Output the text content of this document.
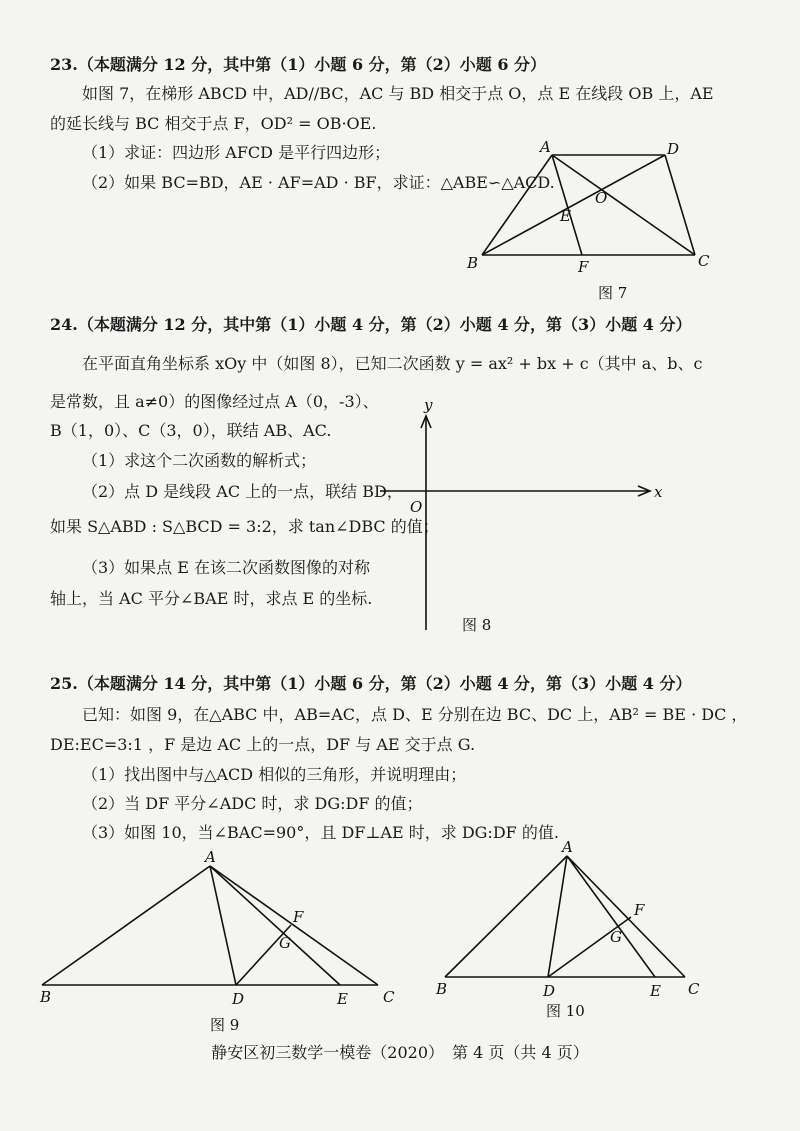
23.（本题满分 12 分，其中第（1）小题 6 分，第（2）小题 6 分）
如图 7，在梯形 ABCD 中，AD//BC，AC 与 BD 相交于点 O，点 E 在线段 OB 上，AE
的延长线与 BC 相交于点 F，OD² = OB·OE.
（1）求证：四边形 AFCD 是平行四边形；
（2）如果 BC=BD，AE · AF=AD · BF，求证：△ABE∽△ACD.
A	D
O
E
B	F	C
图 7
24.（本题满分 12 分，其中第（1）小题 4 分，第（2）小题 4 分，第（3）小题 4 分）
在平面直角坐标系 xOy 中（如图 8），已知二次函数 y = ax² + bx + c（其中 a、b、c
是常数，且 a≠0）的图像经过点 A（0，-3）、
B（1，0）、C（3，0），联结 AB、AC.
（1）求这个二次函数的解析式；
（2）点 D 是线段 AC 上的一点，联结 BD，
如果 S△ABD : S△BCD = 3:2，求 tan∠DBC 的值；
（3）如果点 E 在该二次函数图像的对称
轴上，当 AC 平分∠BAE 时，求点 E 的坐标.
y
x
O
图 8
25.（本题满分 14 分，其中第（1）小题 6 分，第（2）小题 4 分，第（3）小题 4 分）
已知：如图 9，在△ABC 中，AB=AC，点 D、E 分别在边 BC、DC 上，AB² = BE · DC ，
DE:EC=3:1 ，F 是边 AC 上的一点，DF 与 AE 交于点 G.
（1）找出图中与△ACD 相似的三角形，并说明理由；
（2）当 DF 平分∠ADC 时，求 DG:DF 的值；
（3）如图 10，当∠BAC=90°，且 DF⊥AE 时，求 DG:DF 的值.
A
F
G
B	D	E C
图 9
A
F
G
B	D	E C
图 10
静安区初三数学一模卷（2020）　第 4 页（共 4 页）
